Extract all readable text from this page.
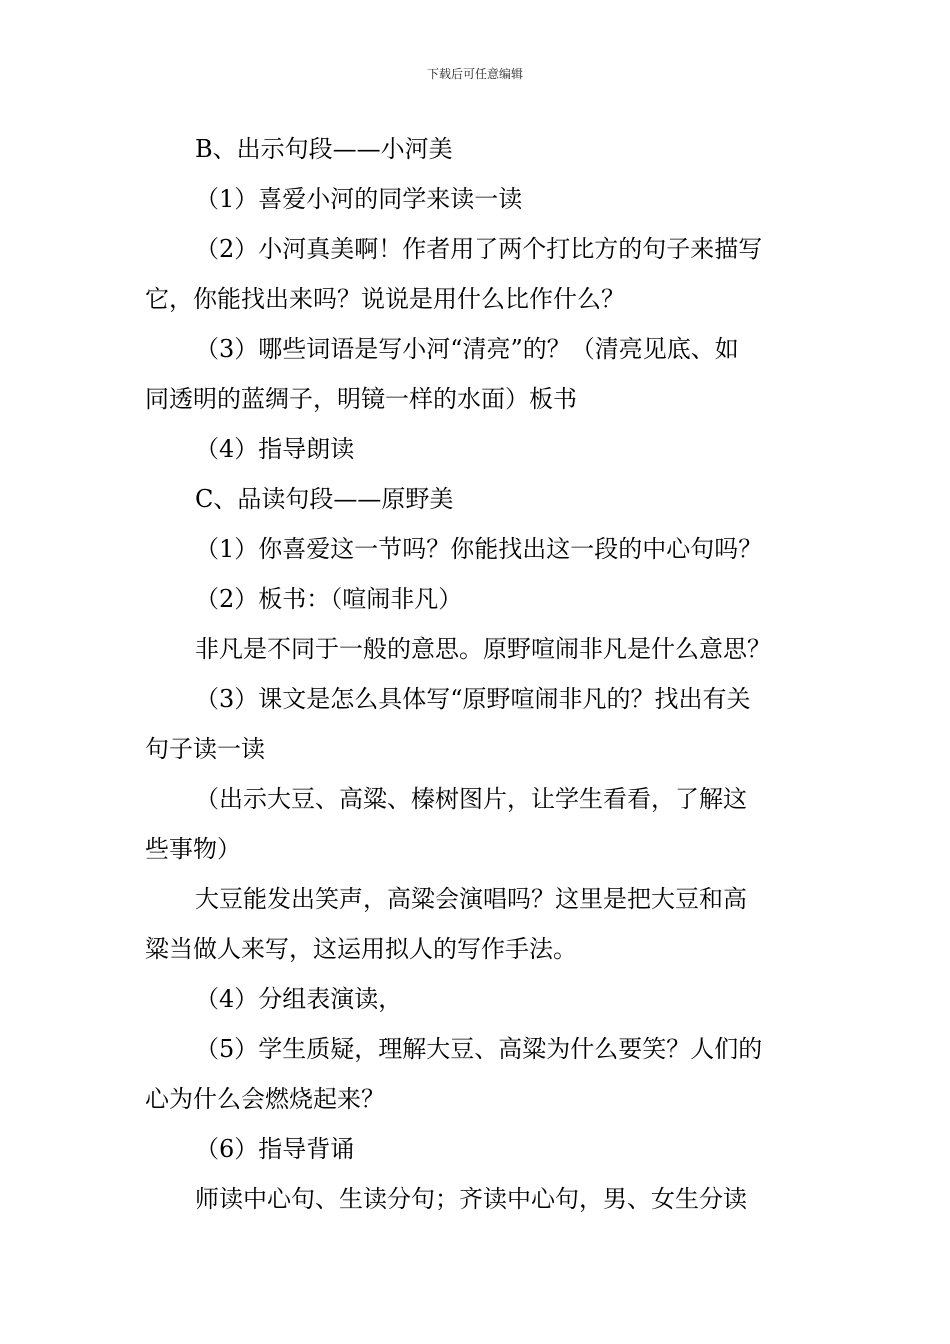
下载后可任意编辑

B、出示句段——小河美

（1）喜爱小河的同学来读一读

（2）小河真美啊！作者用了两个打比方的句子来描写
它，你能找出来吗？说说是用什么比作什么？

（3）哪些词语是写小河“清亮”的？（清亮见底、如
同透明的蓝绸子，明镜一样的水面）板书

（4）指导朗读

C、品读句段——原野美

（1）你喜爱这一节吗？你能找出这一段的中心句吗？

（2）板书：（喧闹非凡）

非凡是不同于一般的意思。原野喧闹非凡是什么意思？

（3）课文是怎么具体写“原野喧闹非凡的？找出有关
句子读一读

（出示大豆、高粱、榛树图片，让学生看看，了解这
些事物）

大豆能发出笑声，高粱会演唱吗？这里是把大豆和高
粱当做人来写，这运用拟人的写作手法。

（4）分组表演读，

（5）学生质疑，理解大豆、高粱为什么要笑？人们的
心为什么会燃烧起来？

（6）指导背诵

师读中心句、生读分句；齐读中心句，男、女生分读
